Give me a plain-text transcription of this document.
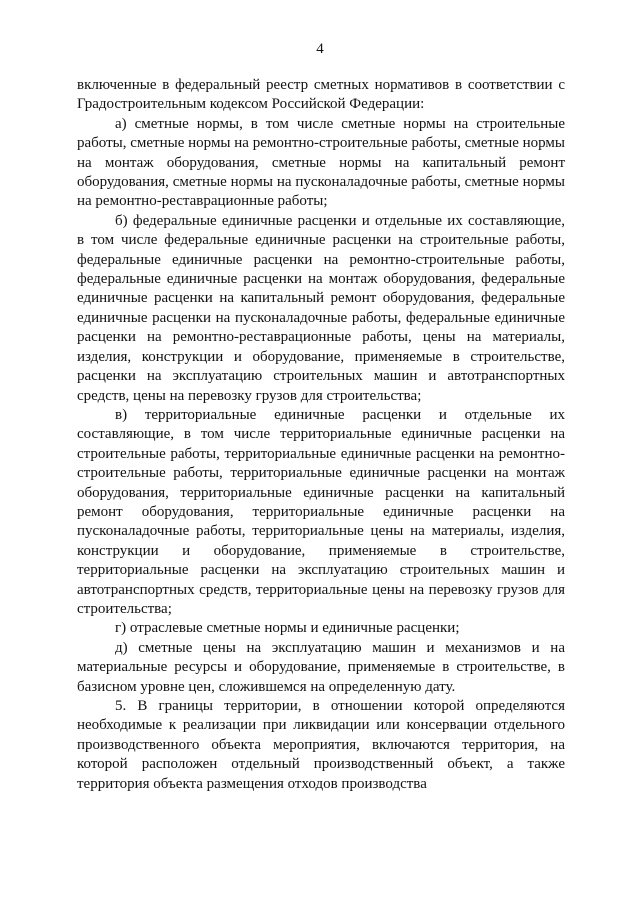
4

включенные в федеральный реестр сметных нормативов в соответствии с Градостроительным кодексом Российской Федерации:

а) сметные нормы, в том числе сметные нормы на строительные работы, сметные нормы на ремонтно-строительные работы, сметные нормы на монтаж оборудования, сметные нормы на капитальный ремонт оборудования, сметные нормы на пусконаладочные работы, сметные нормы на ремонтно-реставрационные работы;

б) федеральные единичные расценки и отдельные их составляющие, в том числе федеральные единичные расценки на строительные работы, федеральные единичные расценки на ремонтно-строительные работы, федеральные единичные расценки на монтаж оборудования, федеральные единичные расценки на капитальный ремонт оборудования, федеральные единичные расценки на пусконаладочные работы, федеральные единичные расценки на ремонтно-реставрационные работы, цены на материалы, изделия, конструкции и оборудование, применяемые в строительстве, расценки на эксплуатацию строительных машин и автотранспортных средств, цены на перевозку грузов для строительства;

в) территориальные единичные расценки и отдельные их составляющие, в том числе территориальные единичные расценки на строительные работы, территориальные единичные расценки на ремонтно-строительные работы, территориальные единичные расценки на монтаж оборудования, территориальные единичные расценки на капитальный ремонт оборудования, территориальные единичные расценки на пусконаладочные работы, территориальные цены на материалы, изделия, конструкции и оборудование, применяемые в строительстве, территориальные расценки на эксплуатацию строительных машин и автотранспортных средств, территориальные цены на перевозку грузов для строительства;

г) отраслевые сметные нормы и единичные расценки;

д) сметные цены на эксплуатацию машин и механизмов и на материальные ресурсы и оборудование, применяемые в строительстве, в базисном уровне цен, сложившемся на определенную дату.

5. В границы территории, в отношении которой определяются необходимые к реализации при ликвидации или консервации отдельного производственного объекта мероприятия, включаются территория, на которой расположен отдельный производственный объект, а также территория объекта размещения отходов производства
